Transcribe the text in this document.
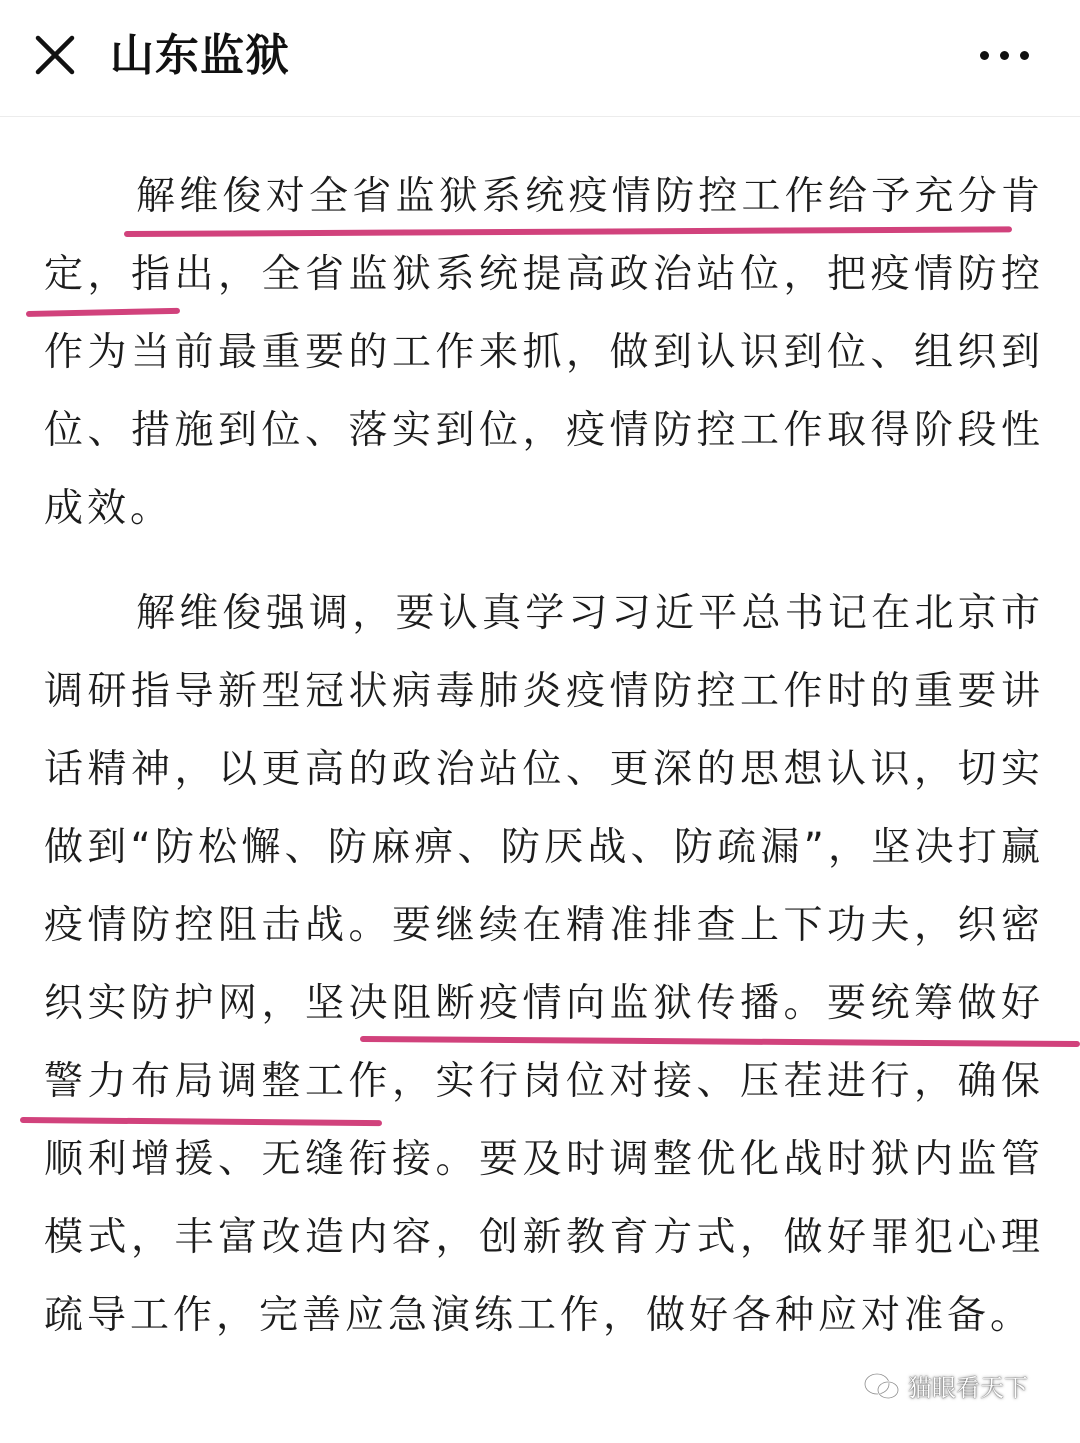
山东监狱

解维俊对全省监狱系统疫情防控工作给予充分肯定，指出，全省监狱系统提高政治站位，把疫情防控作为当前最重要的工作来抓，做到认识到位、组织到位、措施到位、落实到位，疫情防控工作取得阶段性成效。

解维俊强调，要认真学习习近平总书记在北京市调研指导新型冠状病毒肺炎疫情防控工作时的重要讲话精神，以更高的政治站位、更深的思想认识，切实做到“防松懈、防麻痹、防厌战、防疏漏”，坚决打赢疫情防控阻击战。要继续在精准排查上下功夫，织密织实防护网，坚决阻断疫情向监狱传播。要统筹做好警力布局调整工作，实行岗位对接、压茬进行，确保顺利增援、无缝衔接。要及时调整优化战时狱内监管模式，丰富改造内容，创新教育方式，做好罪犯心理疏导工作，完善应急演练工作，做好各种应对准备。

猫眼看天下
